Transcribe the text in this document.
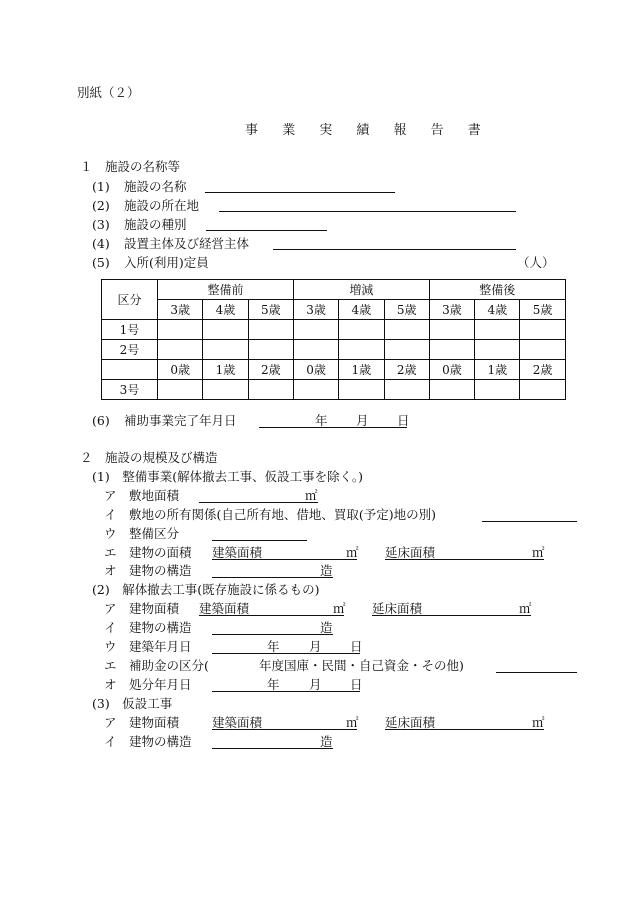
別紙（２）
事 業 実 績 報 告 書
１　施設の名称等
(1) 施設の名称
(2) 施設の所在地
(3) 施設の種別
(4) 設置主体及び経営主体
(5) 入所(利用)定員	（人）
区分	整備前			増減			整備後		
	3歳	4歳	5歳	3歳	4歳	5歳	3歳	4歳	5歳
1号									
2号									
	0歳	1歳	2歳	0歳	1歳	2歳	0歳	1歳	2歳
3号									
(6) 補助事業完了年月日	年 月 日
２　施設の規模及び構造
(1)　整備事業(解体撤去工事、仮設工事を除く。)
ア　敷地面積	㎡
イ　敷地の所有関係(自己所有地、借地、買取(予定)地の別)
ウ　整備区分
エ　建物の面積 建築面積	㎡ 延床面積	㎡
オ　建物の構造	造
(2)　解体撤去工事(既存施設に係るもの)
ア　建物面積 建築面積	㎡ 延床面積	㎡
イ　建物の構造	造
ウ　建築年月日	年 月 日
エ　補助金の区分(	年度国庫・民間・自己資金・その他)
オ　処分年月日	年 月 日
(3)　仮設工事
ア　建物面積	建築面積	㎡ 延床面積	㎡
イ　建物の構造	造
